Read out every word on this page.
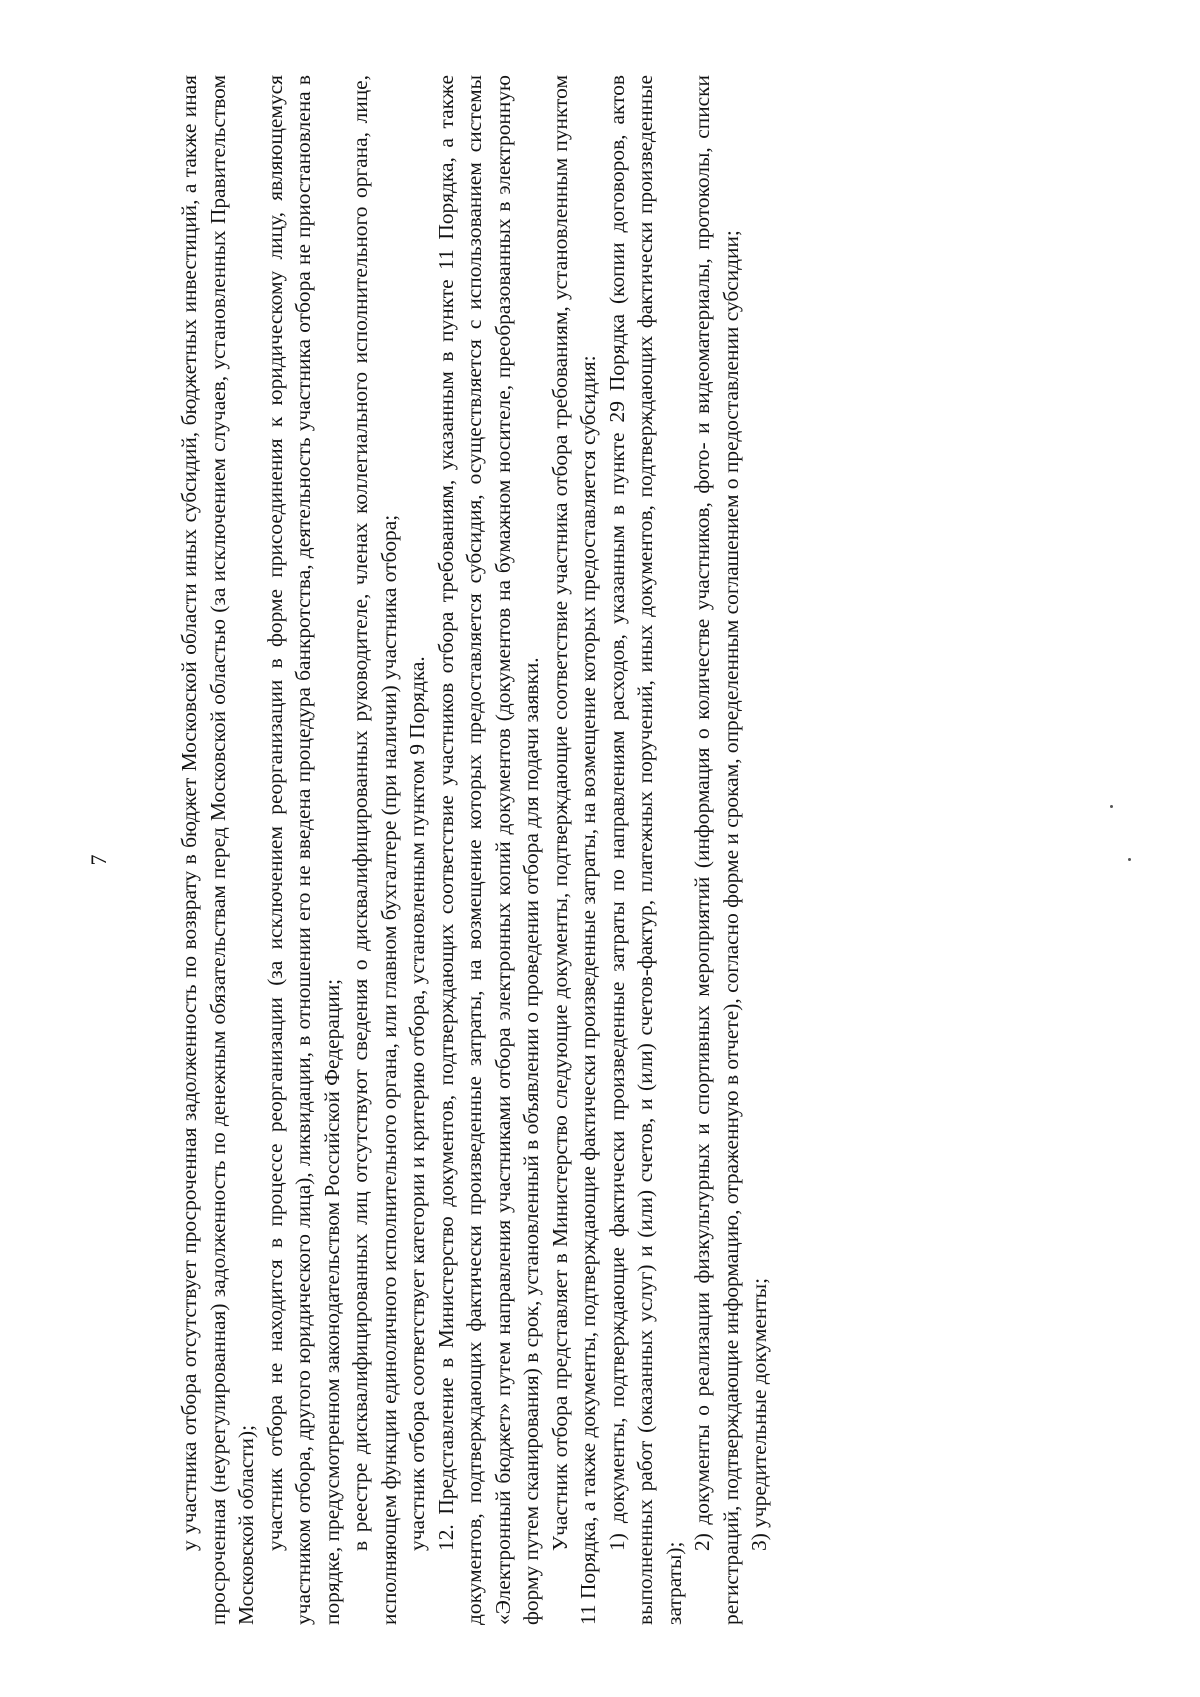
7	у участника отбора отсутствует просроченная задолженность по возврату в бюджет Московской области иных субсидий, бюджетных инвестиций, а также иная просроченная (неурегулированная) задолженность по денежным обязательствам перед Московской областью (за исключением случаев, установленных Правительством Московской области); участник отбора не находится в процессе реорганизации (за исключением реорганизации в форме присоединения к юридическому лицу, являющемуся участником отбора, другого юридического лица), ликвидации, в отношении его не введена процедура банкротства, деятельность участника отбора не приостановлена в порядке, предусмотренном законодательством Российской Федерации; в реестре дисквалифицированных лиц отсутствуют сведения о дисквалифицированных руководителе, членах коллегиального исполнительного органа, лице, исполняющем функции единоличного исполнительного органа, или главном бухгалтере (при наличии) участника отбора; участник отбора соответствует категории и критерию отбора, установленным пунктом 9 Порядка. 12. Представление в Министерство документов, подтверждающих соответствие участников отбора требованиям, указанным в пункте 11 Порядка, а также документов, подтверждающих фактически произведенные затраты, на возмещение которых предоставляется субсидия, осуществляется с использованием системы «Электронный бюджет» путем направления участниками отбора электронных копий документов (документов на бумажном носителе, преобразованных в электронную форму путем сканирования) в срок, установленный в объявлении о проведении отбора для подачи заявки. Участник отбора представляет в Министерство следующие документы, подтверждающие соответствие участника отбора требованиям, установленным пунктом 11 Порядка, а также документы, подтверждающие фактически произведенные затраты, на возмещение которых предоставляется субсидия: 1) документы, подтверждающие фактически произведенные затраты по направлениям расходов, указанным в пункте 29 Порядка (копии договоров, актов выполненных работ (оказанных услуг) и (или) счетов, и (или) счетов-фактур, платежных поручений, иных документов, подтверждающих фактически произведенные затраты);

2) документы о реализации физкультурных и спортивных мероприятий (информация о количестве участников, фото- и видеоматериалы, протоколы, списки регистраций, подтверждающие информацию, отраженную в отчете), согласно форме и срокам, определенным соглашением о предоставлении субсидии; 3) учредительные документы;
